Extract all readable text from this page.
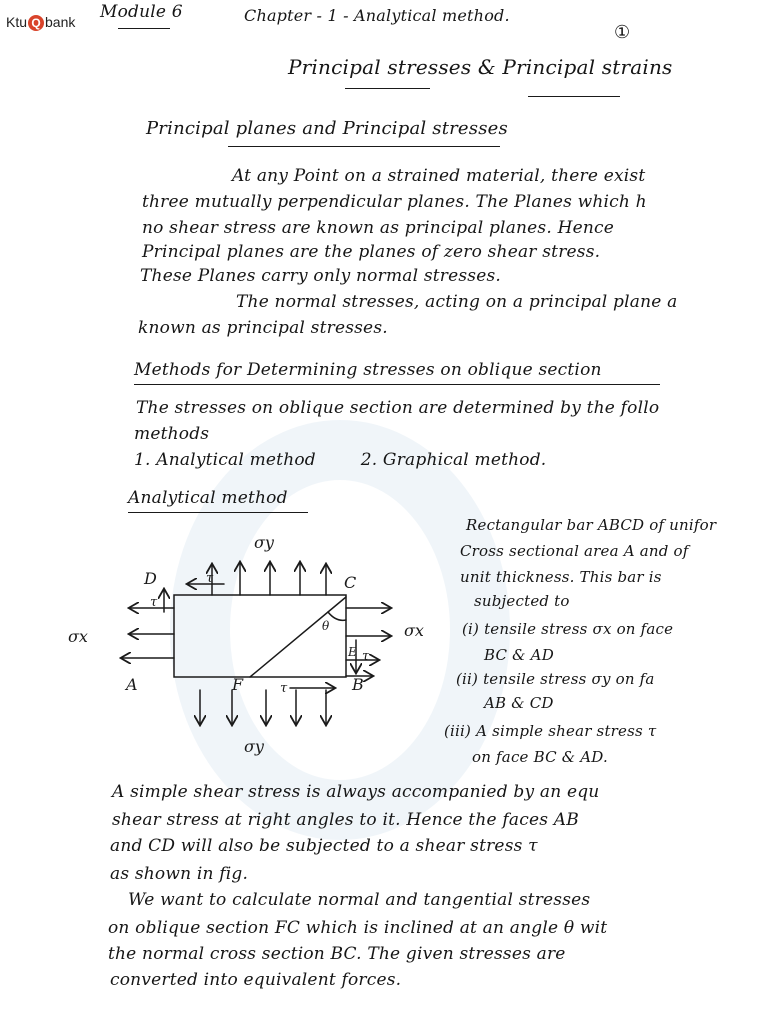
Ktu Q bank Module 6	Chapter - 1 - Analytical method.
①
Principal stresses & Principal strains
Principal planes and Principal stresses
At any Point on a strained material, there exist
three mutually perpendicular planes. The Planes which h
no shear stress are known as principal planes. Hence
Principal planes are the planes of zero shear stress.
These Planes carry only normal stresses.
The normal stresses, acting on a principal plane a
known as principal stresses.
Methods for Determining stresses on oblique section
The stresses on oblique section are determined by the follo
methods
1. Analytical method        2. Graphical method.
Analytical method
Rectangular bar ABCD of unifor
Cross sectional area A and of
unit thickness. This bar is
subjected to
(i) tensile stress σx on face
BC & AD
(ii) tensile stress σy on fa
AB & CD
(iii) A simple shear stress τ
on face BC & AD.
σy
σy
σx	σx
A	B
C
D
F
τ
τ
τ
τ
θ
E
A simple shear stress is always accompanied by an equ
shear stress at right angles to it. Hence the faces AB
and CD will also be subjected to a shear stress τ
as shown in fig.
We want to calculate normal and tangential stresses
on oblique section FC which is inclined at an angle θ wit
the normal cross section BC. The given stresses are
converted into equivalent forces.
